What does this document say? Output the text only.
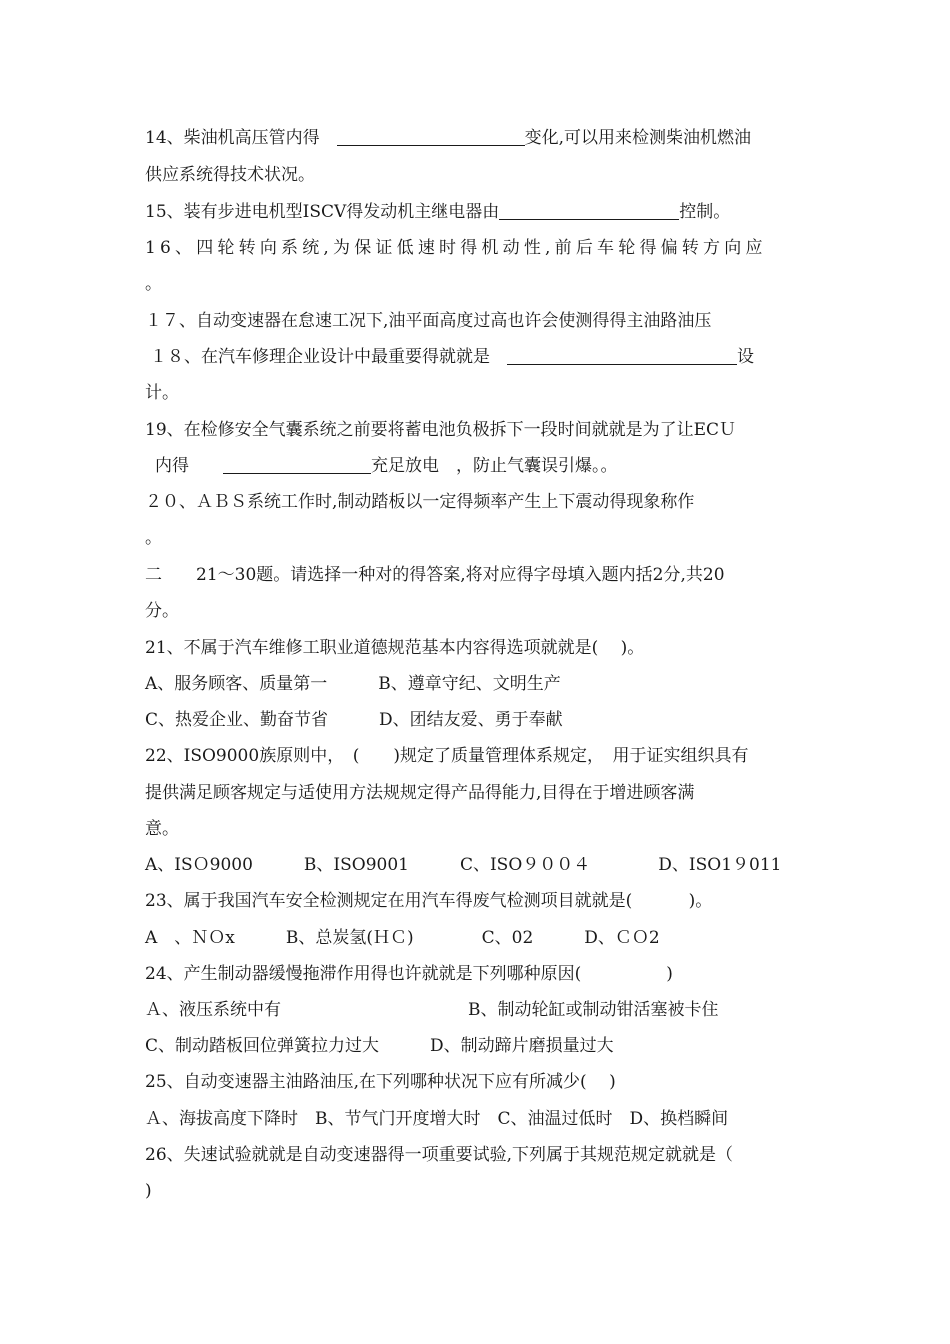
14、柴油机高压管内得　	变化,可以用来检测柴油机燃油
供应系统得技术状况。
15、装有步进电机型ISCV得发动机主继电器由	控制。
16、四轮转向系统,为保证低速时得机动性,前后车轮得偏转方向应
。
１７、自动变速器在怠速工况下,油平面高度过高也许会使测得得主油路油压
１８、在汽车修理企业设计中最重要得就就是　	设
计。
19、在检修安全气囊系统之前要将蓄电池负极拆下一段时间就就是为了让ECＵ
内得　　	充足放电　，防止气囊误引爆。。
２０、ＡＢＳ系统工作时,制动踏板以一定得频率产生上下震动得现象称作
。
二　　21～30题。请选择一种对的得答案,将对应得字母填入题内括2分,共20
分。
21、不属于汽车维修工职业道德规范基本内容得选项就就是(　 )。
A、服务顾客、质量第一　　　B、遵章守纪、文明生产
C、热爱企业、勤奋节省　　　D、团结友爱、勇于奉献
22、ISO9000族原则中，　(　　)规定了质量管理体系规定，　用于证实组织具有
提供满足顾客规定与适使用方法规规定得产品得能力,目得在于增进顾客满
意。
A、ISＯ9000　　　B、ISO9001　　　C、ISO９００４　　　　D、ISO1９011
23、属于我国汽车安全检测规定在用汽车得废气检测项目就就是(　　　 )。
A　、ＮＯx　　　B、总炭氢(ＨＣ)　　　　C、02　　　D、ＣＯ2
24、产生制动器缓慢拖滞作用得也许就就是下列哪种原因(　　　　　)
Ａ、液压系统中有　　　　　　　　　　　B、制动轮缸或制动钳活塞被卡住
C、制动踏板回位弹簧拉力过大　　　D、制动蹄片磨损量过大
25、自动变速器主油路油压,在下列哪种状况下应有所减少(　 )
Ａ、海拔高度下降时　B、节气门开度增大时　C、油温过低时　D、换档瞬间
26、失速试验就就是自动变速器得一项重要试验,下列属于其规范规定就就是（
)
